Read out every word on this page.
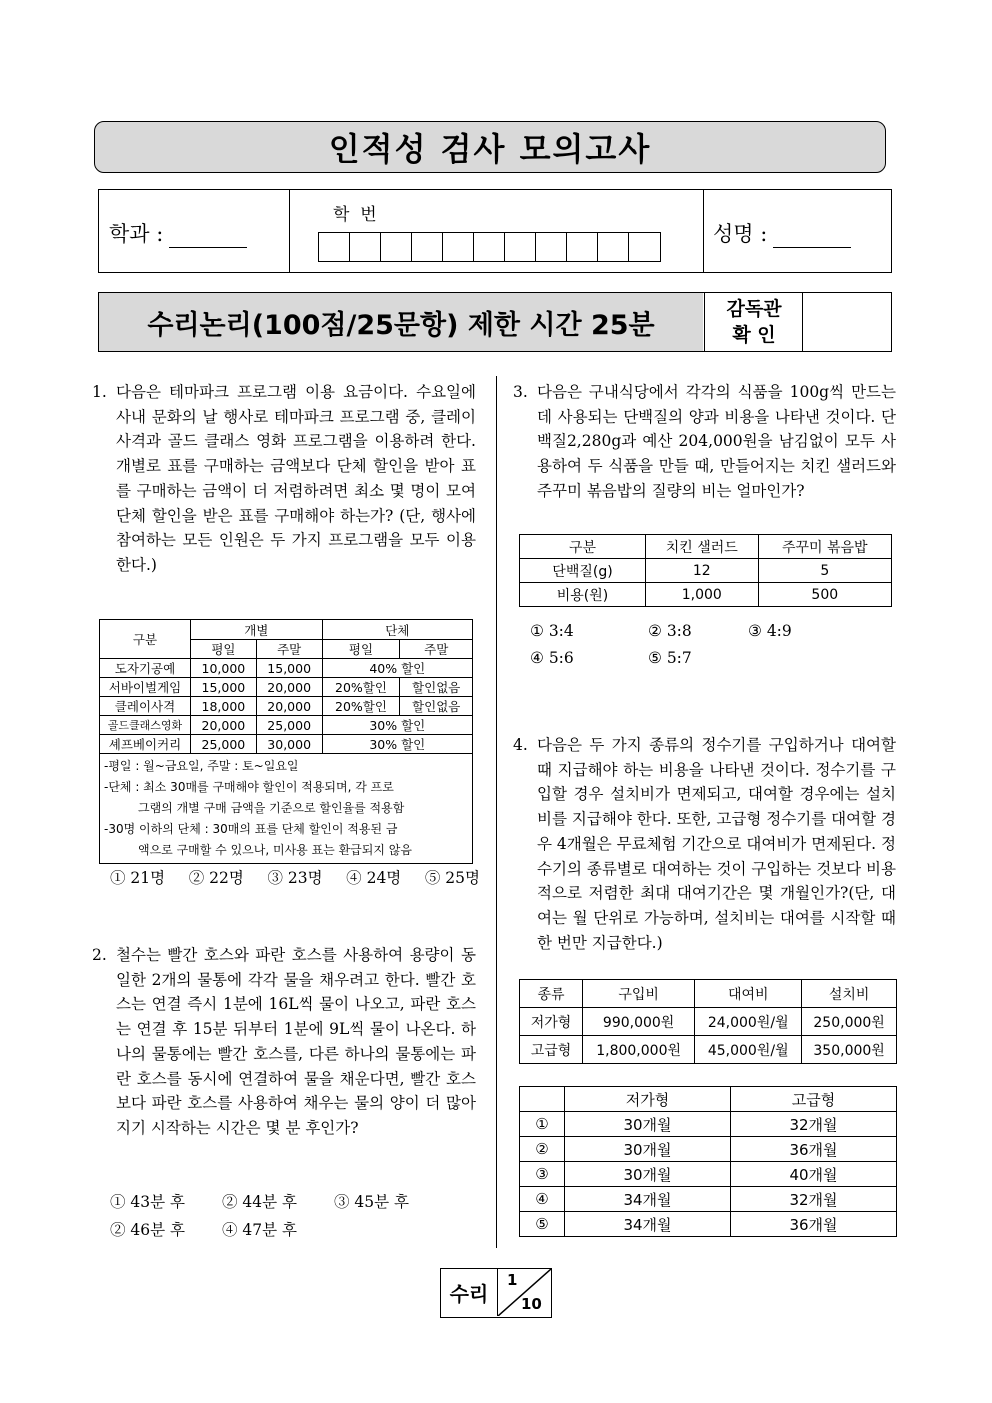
인적성 검사 모의고사
학과 :
학  번
성명 :
수리논리(100점/25문항) 제한 시간 25분
감독관
확 인
1. 다음은 테마파크 프로그램 이용 요금이다. 수요일에 사내 문화의 날 행사로 테마파크 프로그램 중, 클레이 사격과 골드 클래스 영화 프로그램을 이용하려 한다. 개별로 표를 구매하는 금액보다 단체 할인을 받아 표를 구매하는 금액이 더 저렴하려면 최소 몇 명이 모여 단체 할인을 받은 표를 구매해야 하는가? (단, 행사에 참여하는 모든 인원은 두 가지 프로그램을 모두 이용한다.)
구분	개별		단체	
	평일	주말	평일	주말
도자기공예	10,000	15,000	40% 할인	
서바이벌게임	15,000	20,000	20%할인	할인없음
클레이사격	18,000	20,000	20%할인	할인없음
골드클래스영화	20,000	25,000	30% 할인	
셰프베이커리	25,000	30,000	30% 할인	

-평일 : 월~금요일, 주말 : 토~일요일
-단체 : 최소 30매를 구매해야 할인이 적용되며, 각 프로
그램의 개별 구매 금액을 기준으로 할인율를 적용함
-30명 이하의 단체 : 30매의 표를 단체 할인이 적용된 금
액으로 구매할 수 있으나, 미사용 표는 환급되지 않음				
① 21명 ② 22명 ③ 23명 ④ 24명 ⑤ 25명
2. 철수는 빨간 호스와 파란 호스를 사용하여 용량이 동일한 2개의 물통에 각각 물을 채우려고 한다. 빨간 호스는 연결 즉시 1분에 16L씩 물이 나오고, 파란 호스는 연결 후 15분 뒤부터 1분에 9L씩 물이 나온다. 하나의 물통에는 빨간 호스를, 다른 하나의 물통에는 파란 호스를 동시에 연결하여 물을 채운다면, 빨간 호스보다 파란 호스를 사용하여 채우는 물의 양이 더 많아지기 시작하는 시간은 몇 분 후인가?
① 43분 후 ② 44분 후 ③ 45분 후
② 46분 후 ④ 47분 후
3. 다음은 구내식당에서 각각의 식품을 100g씩 만드는 데 사용되는 단백질의 양과 비용을 나타낸 것이다. 단백질2,280g과 예산 204,000원을 남김없이 모두 사용하여 두 식품을 만들 때, 만들어지는 치킨 샐러드와 주꾸미 볶음밥의 질량의 비는 얼마인가?
구분	치킨 샐러드	주꾸미 볶음밥
단백질(g)	12	5
비용(원)	1,000	500
① 3:4	② 3:8	③ 4:9
④ 5:6	⑤ 5:7
4. 다음은 두 가지 종류의 정수기를 구입하거나 대여할 때 지급해야 하는 비용을 나타낸 것이다. 정수기를 구입할 경우 설치비가 면제되고, 대여할 경우에는 설치비를 지급해야 한다. 또한, 고급형 정수기를 대여할 경우 4개월은 무료체험 기간으로 대여비가 면제된다. 정수기의 종류별로 대여하는 것이 구입하는 것보다 비용적으로 저렴한 최대 대여기간은 몇 개월인가?(단, 대여는 월 단위로 가능하며, 설치비는 대여를 시작할 때 한 번만 지급한다.)
종류	구입비	대여비	설치비
저가형	990,000원	24,000원/월	250,000원
고급형	1,800,000원	45,000원/월	350,000원
	저가형	고급형
①	30개월	32개월
②	30개월	36개월
③	30개월	40개월
④	34개월	32개월
⑤	34개월	36개월
수리
1
10
